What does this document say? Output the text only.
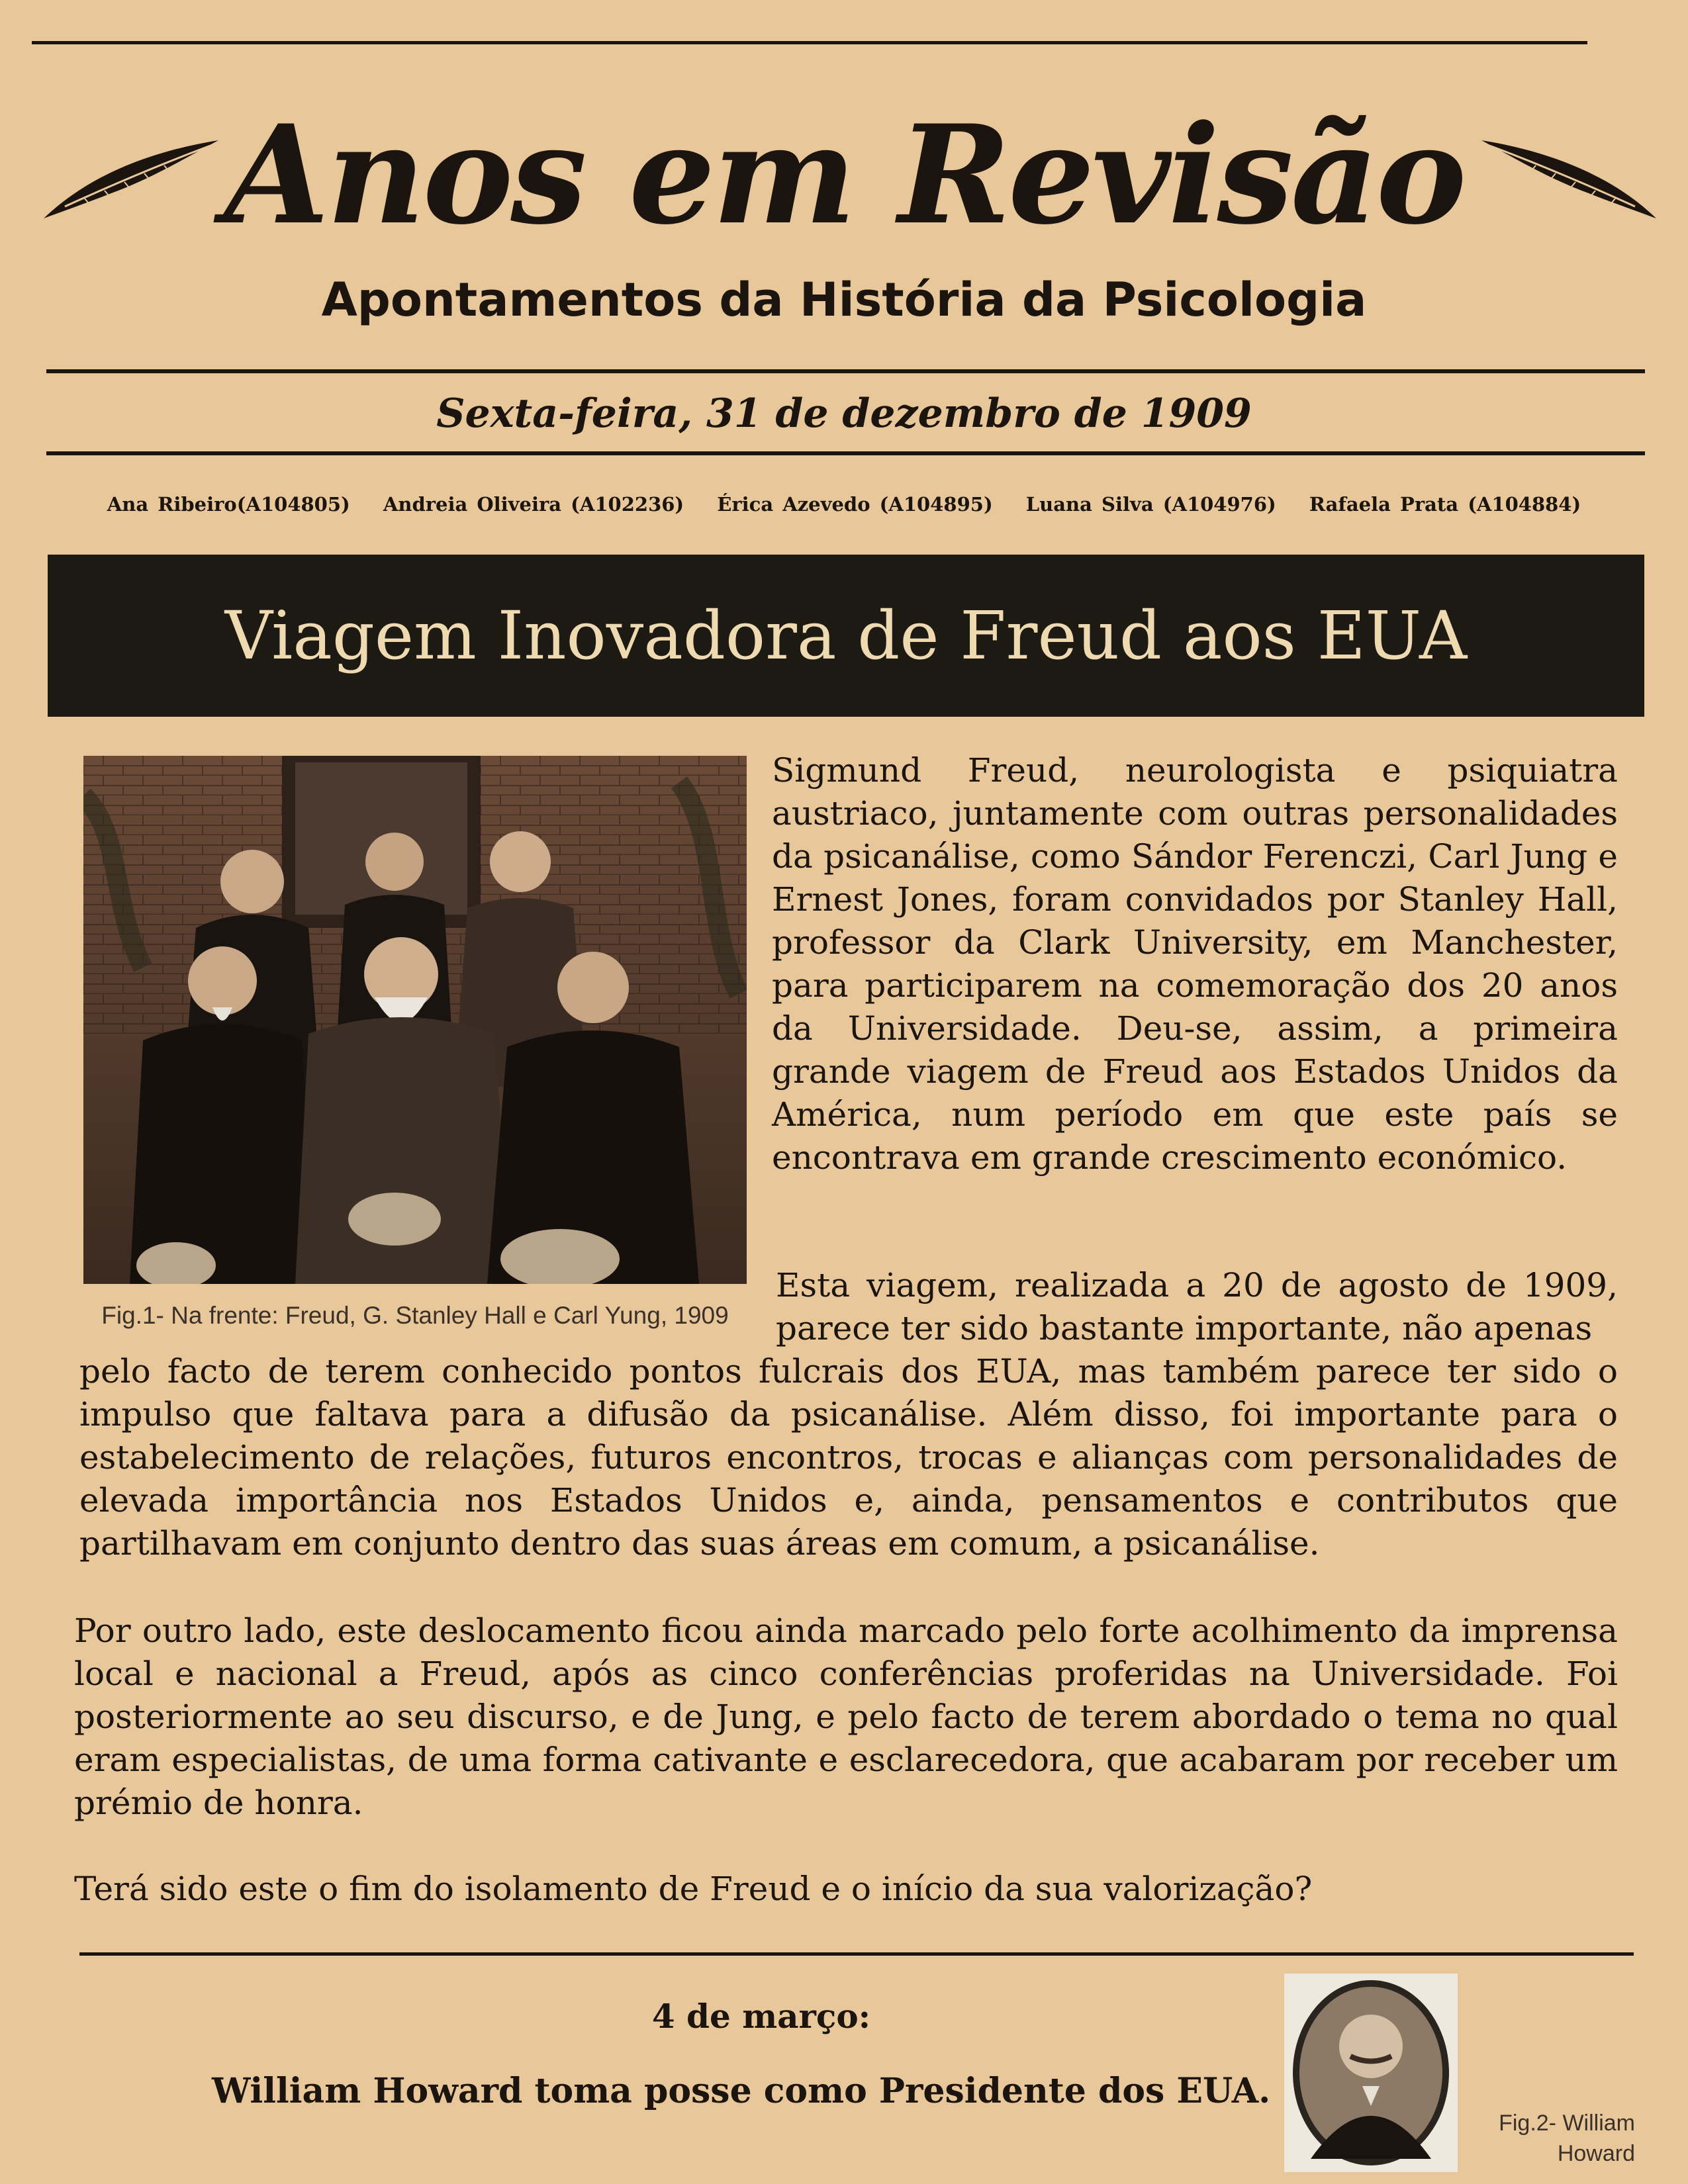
Anos em Revisão
Apontamentos da História da Psicologia
Sexta-feira, 31 de dezembro de 1909
Ana Ribeiro(A104805) Andreia Oliveira (A102236) Érica Azevedo (A104895) Luana Silva (A104976) Rafaela Prata (A104884)
Viagem Inovadora de Freud aos EUA
Fig.1- Na frente: Freud, G. Stanley Hall e Carl Yung, 1909
Sigmund Freud, neurologista e psiquiatra austriaco, juntamente com outras personalidades da psicanálise, como Sándor Ferenczi, Carl Jung e Ernest Jones, foram convidados por Stanley Hall, professor da Clark University, em Manchester, para participarem na comemoração dos 20 anos da Universidade. Deu-se, assim, a primeira grande viagem de Freud aos Estados Unidos da América, num período em que este país se encontrava em grande crescimento económico.
Esta viagem, realizada a 20 de agosto de 1909, parece ter sido bastante importante, não apenas
pelo facto de terem conhecido pontos fulcrais dos EUA, mas também parece ter sido o impulso que faltava para a difusão da psicanálise. Além disso, foi importante para o estabelecimento de relações, futuros encontros, trocas e alianças com personalidades de elevada importância nos Estados Unidos e, ainda, pensamentos e contributos que partilhavam em conjunto dentro das suas áreas em comum, a psicanálise.
Por outro lado, este deslocamento ficou ainda marcado pelo forte acolhimento da imprensa local e nacional a Freud, após as cinco conferências proferidas na Universidade. Foi posteriormente ao seu discurso, e de Jung, e pelo facto de terem abordado o tema no qual eram especialistas, de uma forma cativante e esclarecedora, que acabaram por receber um prémio de honra.
Terá sido este o fim do isolamento de Freud e o início da sua valorização?
4 de março:
William Howard toma posse como Presidente dos EUA.
Fig.2- William
Howard
